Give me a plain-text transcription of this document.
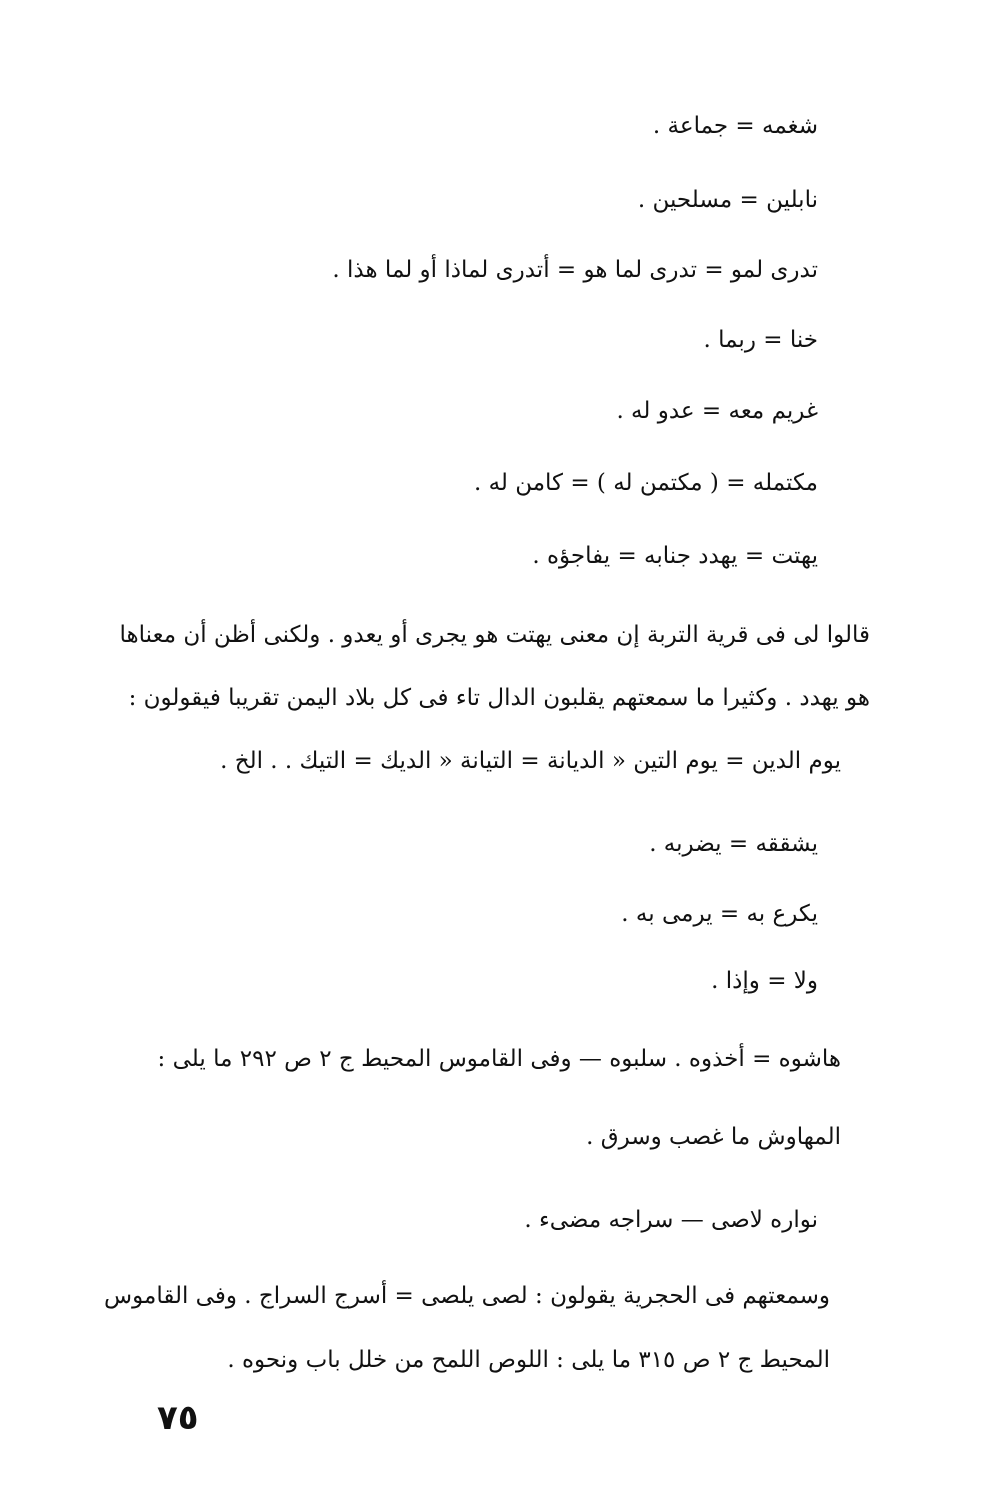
شغمه = جماعة .
نابلين = مسلحين .
تدرى لمو = تدرى لما هو = أتدرى لماذا أو لما هذا .
خنا = ربما .
غريم معه = عدو له .
مكتمله = ( مكتمن له ) = كامن له .
يهتت = يهدد جنابه = يفاجؤه .
قالوا لى فى قرية التربة إن معنى يهتت هو يجرى أو يعدو . ولكنى أظن أن معناها
هو يهدد . وكثيرا ما سمعتهم يقلبون الدال تاء فى كل بلاد اليمن تقريبا فيقولون :
يوم الدين = يوم التين « الديانة = التيانة « الديك = التيك . . الخ .
يشققه = يضربه .
يكرع به = يرمى به .
ولا = وإذا .
هاشوه = أخذوه . سلبوه — وفى القاموس المحيط ج ٢ ص ٢٩٢ ما يلى :
المهاوش ما غصب وسرق .
نواره لاصى — سراجه مضىء .
وسمعتهم فى الحجرية يقولون : لصى يلصى = أسرج السراج . وفى القاموس
المحيط ج ٢ ص ٣١٥ ما يلى : اللوص اللمح من خلل باب ونحوه .
٧٥
